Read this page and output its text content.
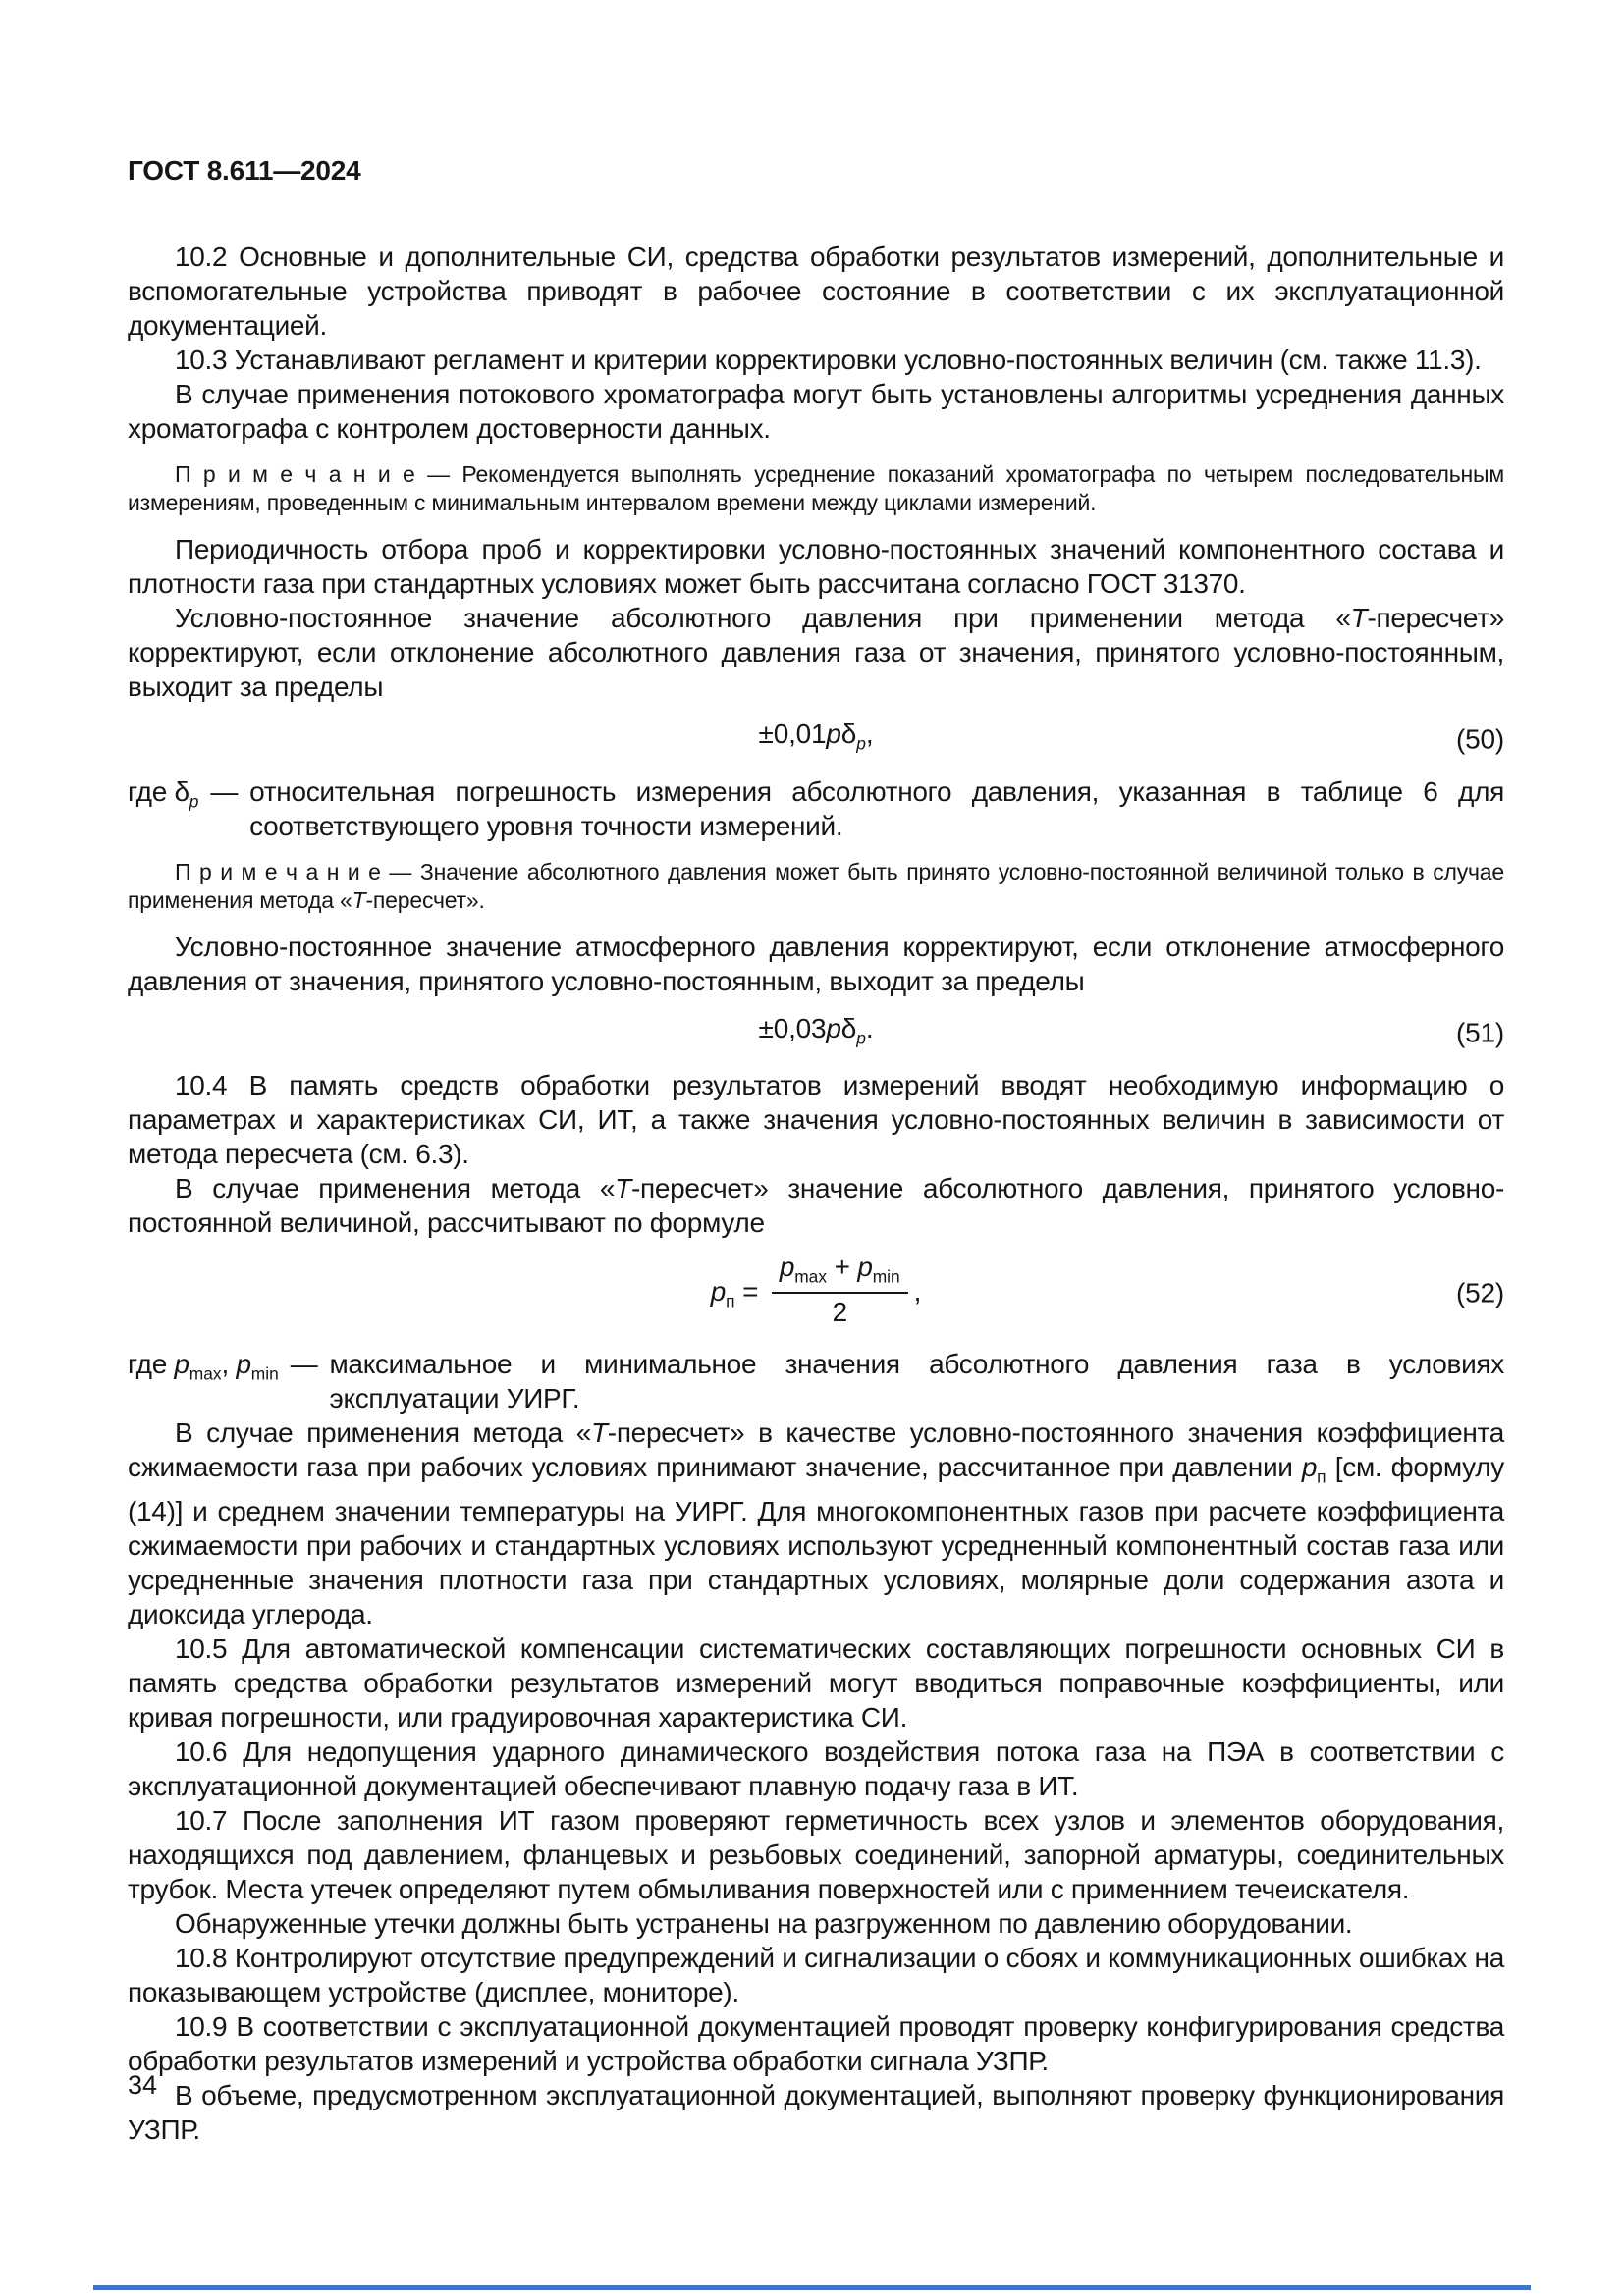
ГОСТ 8.611—2024

10.2 Основные и дополнительные СИ, средства обработки результатов измерений, дополнительные и вспомогательные устройства приводят в рабочее состояние в соответствии с их эксплуатационной документацией.

10.3 Устанавливают регламент и критерии корректировки условно-постоянных величин (см. также 11.3).

В случае применения потокового хроматографа могут быть установлены алгоритмы усреднения данных хроматографа с контролем достоверности данных.

П р и м е ч а н и е — Рекомендуется выполнять усреднение показаний хроматографа по четырем последовательным измерениям, проведенным с минимальным интервалом времени между циклами измерений.

Периодичность отбора проб и корректировки условно-постоянных значений компонентного состава и плотности газа при стандартных условиях может быть рассчитана согласно ГОСТ 31370.

Условно-постоянное значение абсолютного давления при применении метода «Т-пересчет» корректируют, если отклонение абсолютного давления газа от значения, принятого условно-постоянным, выходит за пределы

$\pm 0,01p\delta_p$,	(50)
где $\delta_p$ — относительная погрешность измерения абсолютного давления, указанная в таблице 6 для соответствующего уровня точности измерений.

П р и м е ч а н и е — Значение абсолютного давления может быть принято условно-постоянной величиной только в случае применения метода «Т-пересчет».

Условно-постоянное значение атмосферного давления корректируют, если отклонение атмосферного давления от значения, принятого условно-постоянным, выходит за пределы

$\pm 0,03p\delta_p$.	(51)

10.4 В память средств обработки результатов измерений вводят необходимую информацию о параметрах и характеристиках СИ, ИТ, а также значения условно-постоянных величин в зависимости от метода пересчета (см. 6.3).

В случае применения метода «Т-пересчет» значение абсолютного давления, принятого условно-постоянной величиной, рассчитывают по формуле

$p_п = \frac{p_{max} + p_{min}}{2}$ ,	(52)
где $p_{max}$, $p_{min}$ — максимальное и минимальное значения абсолютного давления газа в условиях эксплуатации УИРГ.

В случае применения метода «Т-пересчет» в качестве условно-постоянного значения коэффициента сжимаемости газа при рабочих условиях принимают значение, рассчитанное при давлении $p_п$ [см. формулу (14)] и среднем значении температуры на УИРГ. Для многокомпонентных газов при расчете коэффициента сжимаемости при рабочих и стандартных условиях используют усредненный компонентный состав газа или усредненные значения плотности газа при стандартных условиях, молярные доли содержания азота и диоксида углерода.

10.5 Для автоматической компенсации систематических составляющих погрешности основных СИ в память средства обработки результатов измерений могут вводиться поправочные коэффициенты, или кривая погрешности, или градуировочная характеристика СИ.

10.6 Для недопущения ударного динамического воздействия потока газа на ПЭА в соответствии с эксплуатационной документацией обеспечивают плавную подачу газа в ИТ.

10.7 После заполнения ИТ газом проверяют герметичность всех узлов и элементов оборудования, находящихся под давлением, фланцевых и резьбовых соединений, запорной арматуры, соединительных трубок. Места утечек определяют путем обмыливания поверхностей или с применнием течеискателя.

Обнаруженные утечки должны быть устранены на разгруженном по давлению оборудовании.

10.8 Контролируют отсутствие предупреждений и сигнализации о сбоях и коммуникационных ошибках на показывающем устройстве (дисплее, мониторе).

10.9 В соответствии с эксплуатационной документацией проводят проверку конфигурирования средства обработки результатов измерений и устройства обработки сигнала УЗПР.

В объеме, предусмотренном эксплуатационной документацией, выполняют проверку функционирования УЗПР.

34
